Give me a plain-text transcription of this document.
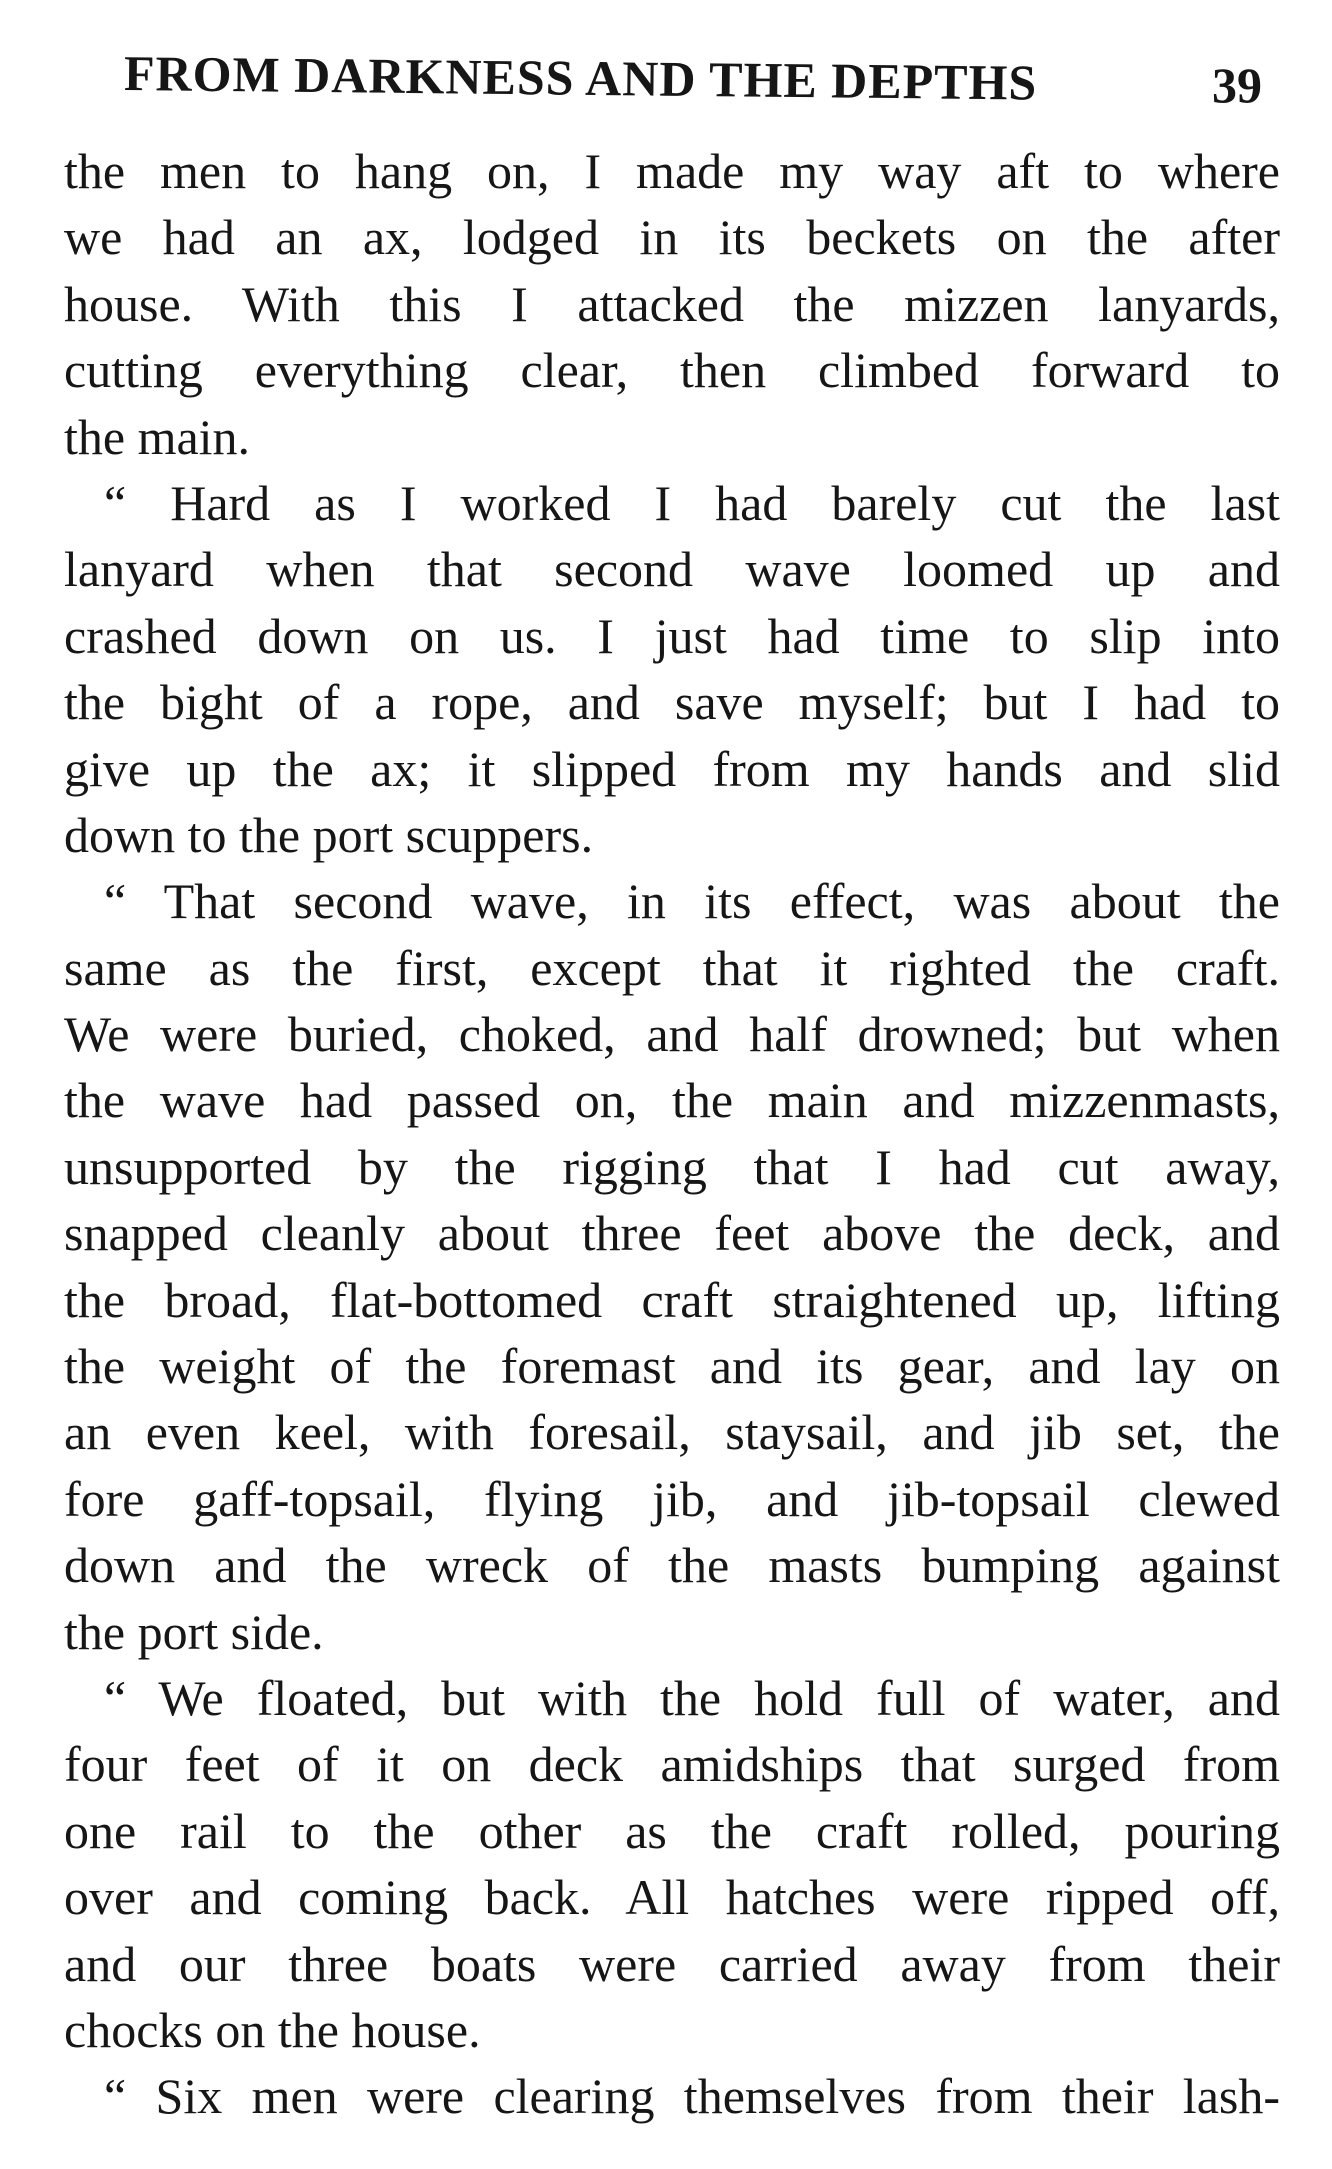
FROM DARKNESS AND THE DEPTHS	39
the men to hang on, I made my way aft to where
we had an ax, lodged in its beckets on the after
house. With this I attacked the mizzen lanyards,
cutting everything clear, then climbed forward to
the main.
“ Hard as I worked I had barely cut the last
lanyard when that second wave loomed up and
crashed down on us. I just had time to slip into
the bight of a rope, and save myself; but I had to
give up the ax; it slipped from my hands and slid
down to the port scuppers.
“ That second wave, in its effect, was about the
same as the first, except that it righted the craft.
We were buried, choked, and half drowned; but when
the wave had passed on, the main and mizzenmasts,
unsupported by the rigging that I had cut away,
snapped cleanly about three feet above the deck, and
the broad, flat-bottomed craft straightened up, lifting
the weight of the foremast and its gear, and lay on
an even keel, with foresail, staysail, and jib set, the
fore gaff-topsail, flying jib, and jib-topsail clewed
down and the wreck of the masts bumping against
the port side.
“ We floated, but with the hold full of water, and
four feet of it on deck amidships that surged from
one rail to the other as the craft rolled, pouring
over and coming back. All hatches were ripped off,
and our three boats were carried away from their
chocks on the house.
“ Six men were clearing themselves from their lash-
